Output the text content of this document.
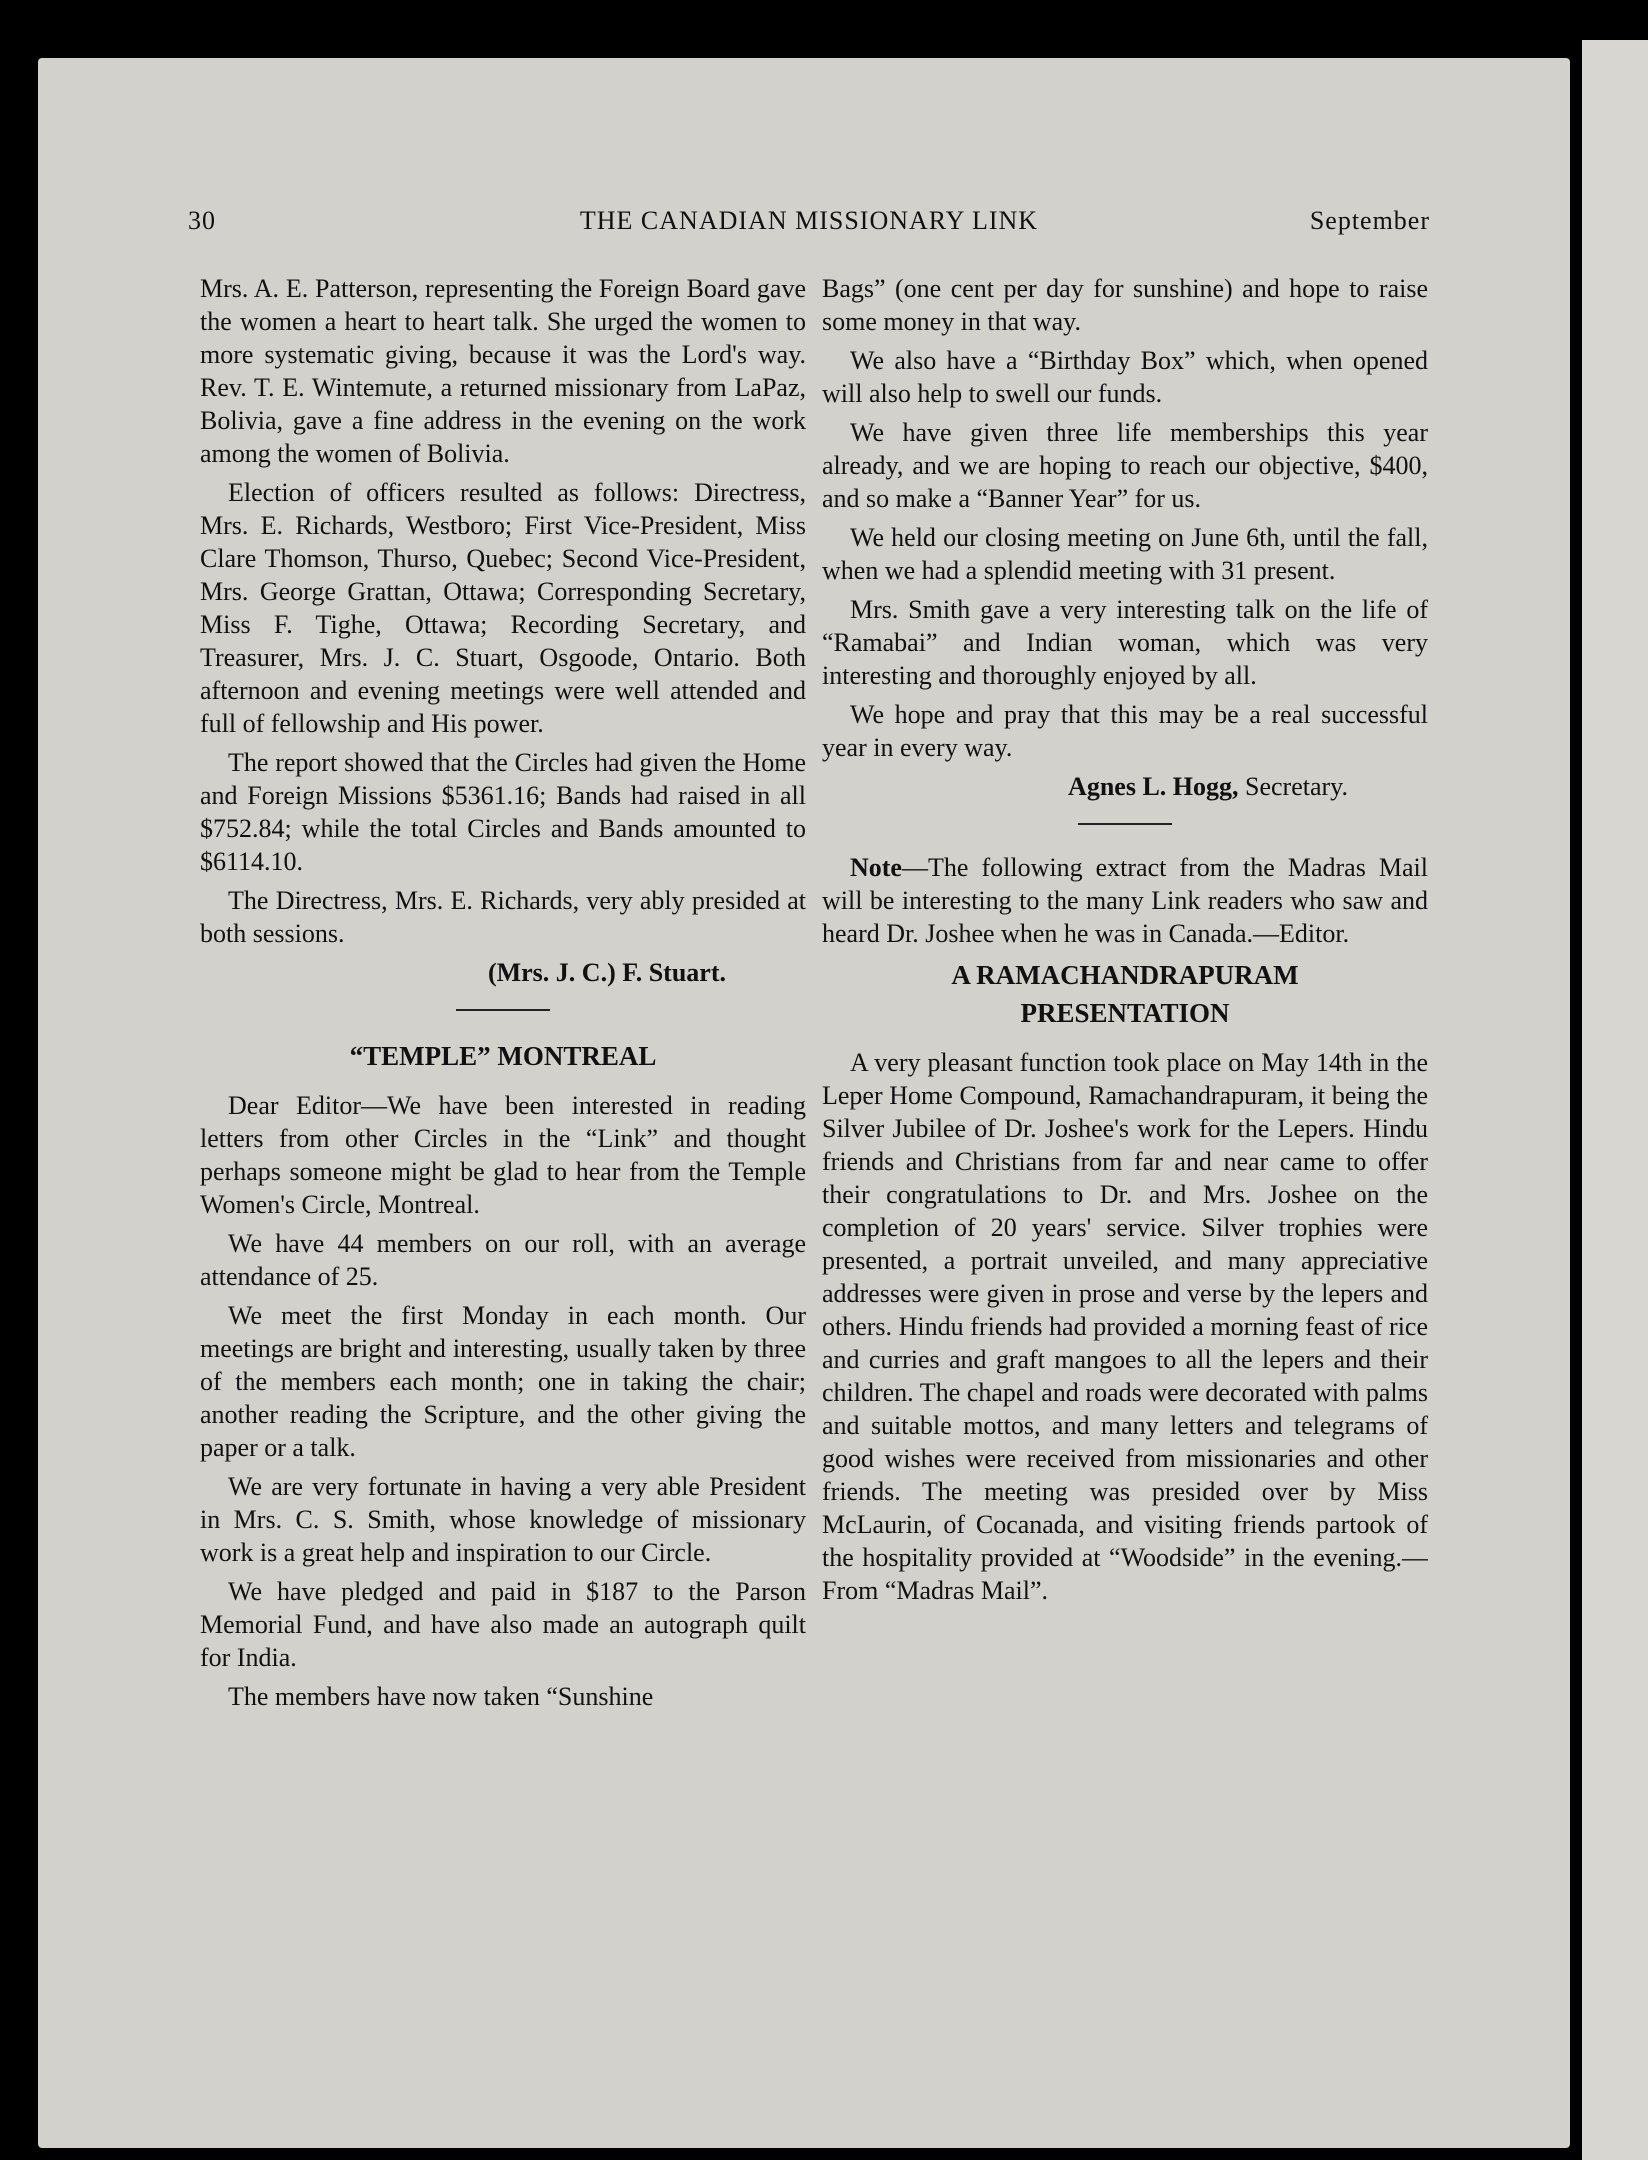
30	THE CANADIAN MISSIONARY LINK	September

Mrs. A. E. Patterson, representing the Foreign Board gave the women a heart to heart talk. She urged the women to more systematic giving, because it was the Lord's way. Rev. T. E. Wintemute, a returned missionary from LaPaz, Bolivia, gave a fine address in the evening on the work among the women of Bolivia.

Election of officers resulted as follows: Directress, Mrs. E. Richards, Westboro; First Vice-President, Miss Clare Thomson, Thurso, Quebec; Second Vice-President, Mrs. George Grattan, Ottawa; Corresponding Secretary, Miss F. Tighe, Ottawa; Recording Secretary, and Treasurer, Mrs. J. C. Stuart, Osgoode, Ontario. Both afternoon and evening meetings were well attended and full of fellowship and His power.

The report showed that the Circles had given the Home and Foreign Missions $5361.16; Bands had raised in all $752.84; while the total Circles and Bands amounted to $6114.10.

The Directress, Mrs. E. Richards, very ably presided at both sessions.

(Mrs. J. C.) F. Stuart.
“TEMPLE” MONTREAL

Dear Editor—We have been interested in reading letters from other Circles in the “Link” and thought perhaps someone might be glad to hear from the Temple Women's Circle, Montreal.

We have 44 members on our roll, with an average attendance of 25.

We meet the first Monday in each month. Our meetings are bright and interesting, usually taken by three of the members each month; one in taking the chair; another reading the Scripture, and the other giving the paper or a talk.

We are very fortunate in having a very able President in Mrs. C. S. Smith, whose knowledge of missionary work is a great help and inspiration to our Circle.

We have pledged and paid in $187 to the Parson Memorial Fund, and have also made an autograph quilt for India.

The members have now taken “Sunshine

Bags” (one cent per day for sunshine) and hope to raise some money in that way.

We also have a “Birthday Box” which, when opened will also help to swell our funds.

We have given three life memberships this year already, and we are hoping to reach our objective, $400, and so make a “Banner Year” for us.

We held our closing meeting on June 6th, until the fall, when we had a splendid meeting with 31 present.

Mrs. Smith gave a very interesting talk on the life of “Ramabai” and Indian woman, which was very interesting and thoroughly enjoyed by all.

We hope and pray that this may be a real successful year in every way.

Agnes L. Hogg, Secretary.

Note—The following extract from the Madras Mail will be interesting to the many Link readers who saw and heard Dr. Joshee when he was in Canada.—Editor.

A RAMACHANDRAPURAM
PRESENTATION

A very pleasant function took place on May 14th in the Leper Home Compound, Ramachandrapuram, it being the Silver Jubilee of Dr. Joshee's work for the Lepers. Hindu friends and Christians from far and near came to offer their congratulations to Dr. and Mrs. Joshee on the completion of 20 years' service. Silver trophies were presented, a portrait unveiled, and many appreciative addresses were given in prose and verse by the lepers and others. Hindu friends had provided a morning feast of rice and curries and graft mangoes to all the lepers and their children. The chapel and roads were decorated with palms and suitable mottos, and many letters and telegrams of good wishes were received from missionaries and other friends. The meeting was presided over by Miss McLaurin, of Cocanada, and visiting friends partook of the hospitality provided at “Woodside” in the evening.—From “Madras Mail”.
